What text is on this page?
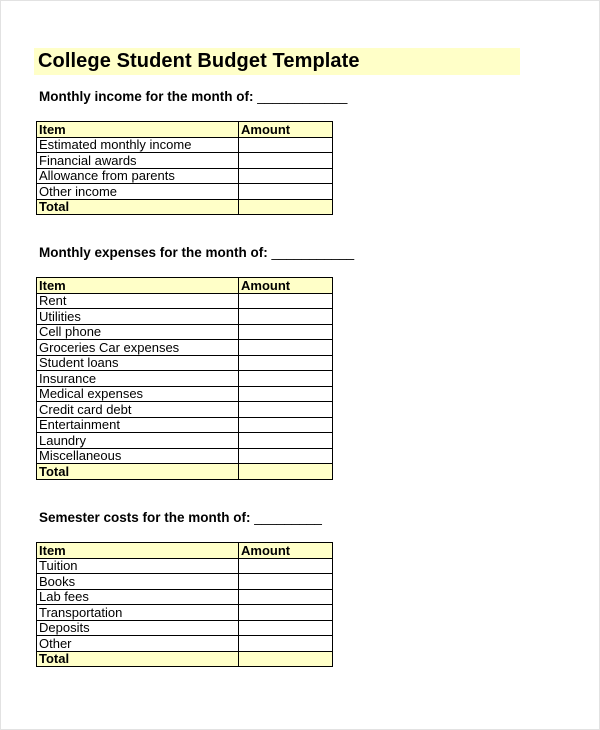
College Student Budget Template
Monthly income for the month of: ____________
Item	Amount
Estimated monthly income	
Financial awards	
Allowance from parents	
Other income	
Total	
Monthly expenses for the month of: ___________
Item	Amount
Rent	
Utilities	
Cell phone	
Groceries Car expenses	
Student loans	
Insurance	
Medical expenses	
Credit card debt	
Entertainment	
Laundry	
Miscellaneous	
Total	
Semester costs for the month of: _________
Item	Amount
Tuition	
Books	
Lab fees	
Transportation	
Deposits	
Other	
Total	
